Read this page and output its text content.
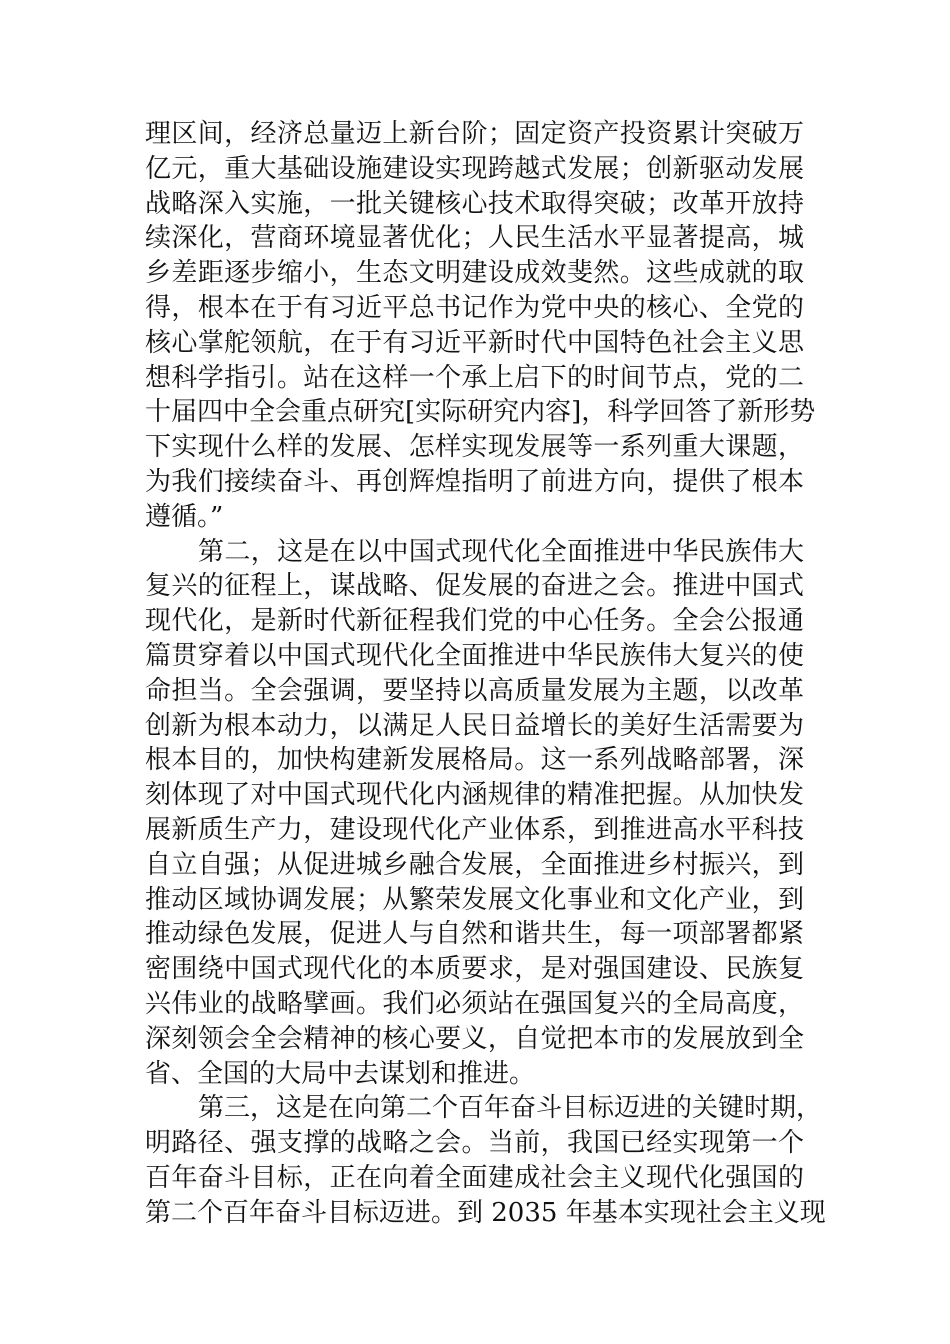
理区间，经济总量迈上新台阶；固定资产投资累计突破万
亿元，重大基础设施建设实现跨越式发展；创新驱动发展
战略深入实施，一批关键核心技术取得突破；改革开放持
续深化，营商环境显著优化；人民生活水平显著提高，城
乡差距逐步缩小，生态文明建设成效斐然。这些成就的取
得，根本在于有习近平总书记作为党中央的核心、全党的
核心掌舵领航，在于有习近平新时代中国特色社会主义思
想科学指引。站在这样一个承上启下的时间节点，党的二
十届四中全会重点研究[实际研究内容]，科学回答了新形势
下实现什么样的发展、怎样实现发展等一系列重大课题，
为我们接续奋斗、再创辉煌指明了前进方向，提供了根本
遵循。”
第二，这是在以中国式现代化全面推进中华民族伟大
复兴的征程上，谋战略、促发展的奋进之会。推进中国式
现代化，是新时代新征程我们党的中心任务。全会公报通
篇贯穿着以中国式现代化全面推进中华民族伟大复兴的使
命担当。全会强调，要坚持以高质量发展为主题，以改革
创新为根本动力，以满足人民日益增长的美好生活需要为
根本目的，加快构建新发展格局。这一系列战略部署，深
刻体现了对中国式现代化内涵规律的精准把握。从加快发
展新质生产力，建设现代化产业体系，到推进高水平科技
自立自强；从促进城乡融合发展，全面推进乡村振兴，到
推动区域协调发展；从繁荣发展文化事业和文化产业，到
推动绿色发展，促进人与自然和谐共生，每一项部署都紧
密围绕中国式现代化的本质要求，是对强国建设、民族复
兴伟业的战略擘画。我们必须站在强国复兴的全局高度，
深刻领会全会精神的核心要义，自觉把本市的发展放到全
省、全国的大局中去谋划和推进。
第三，这是在向第二个百年奋斗目标迈进的关键时期，
明路径、强支撑的战略之会。当前，我国已经实现第一个
百年奋斗目标，正在向着全面建成社会主义现代化强国的
第二个百年奋斗目标迈进。到 2035 年基本实现社会主义现
